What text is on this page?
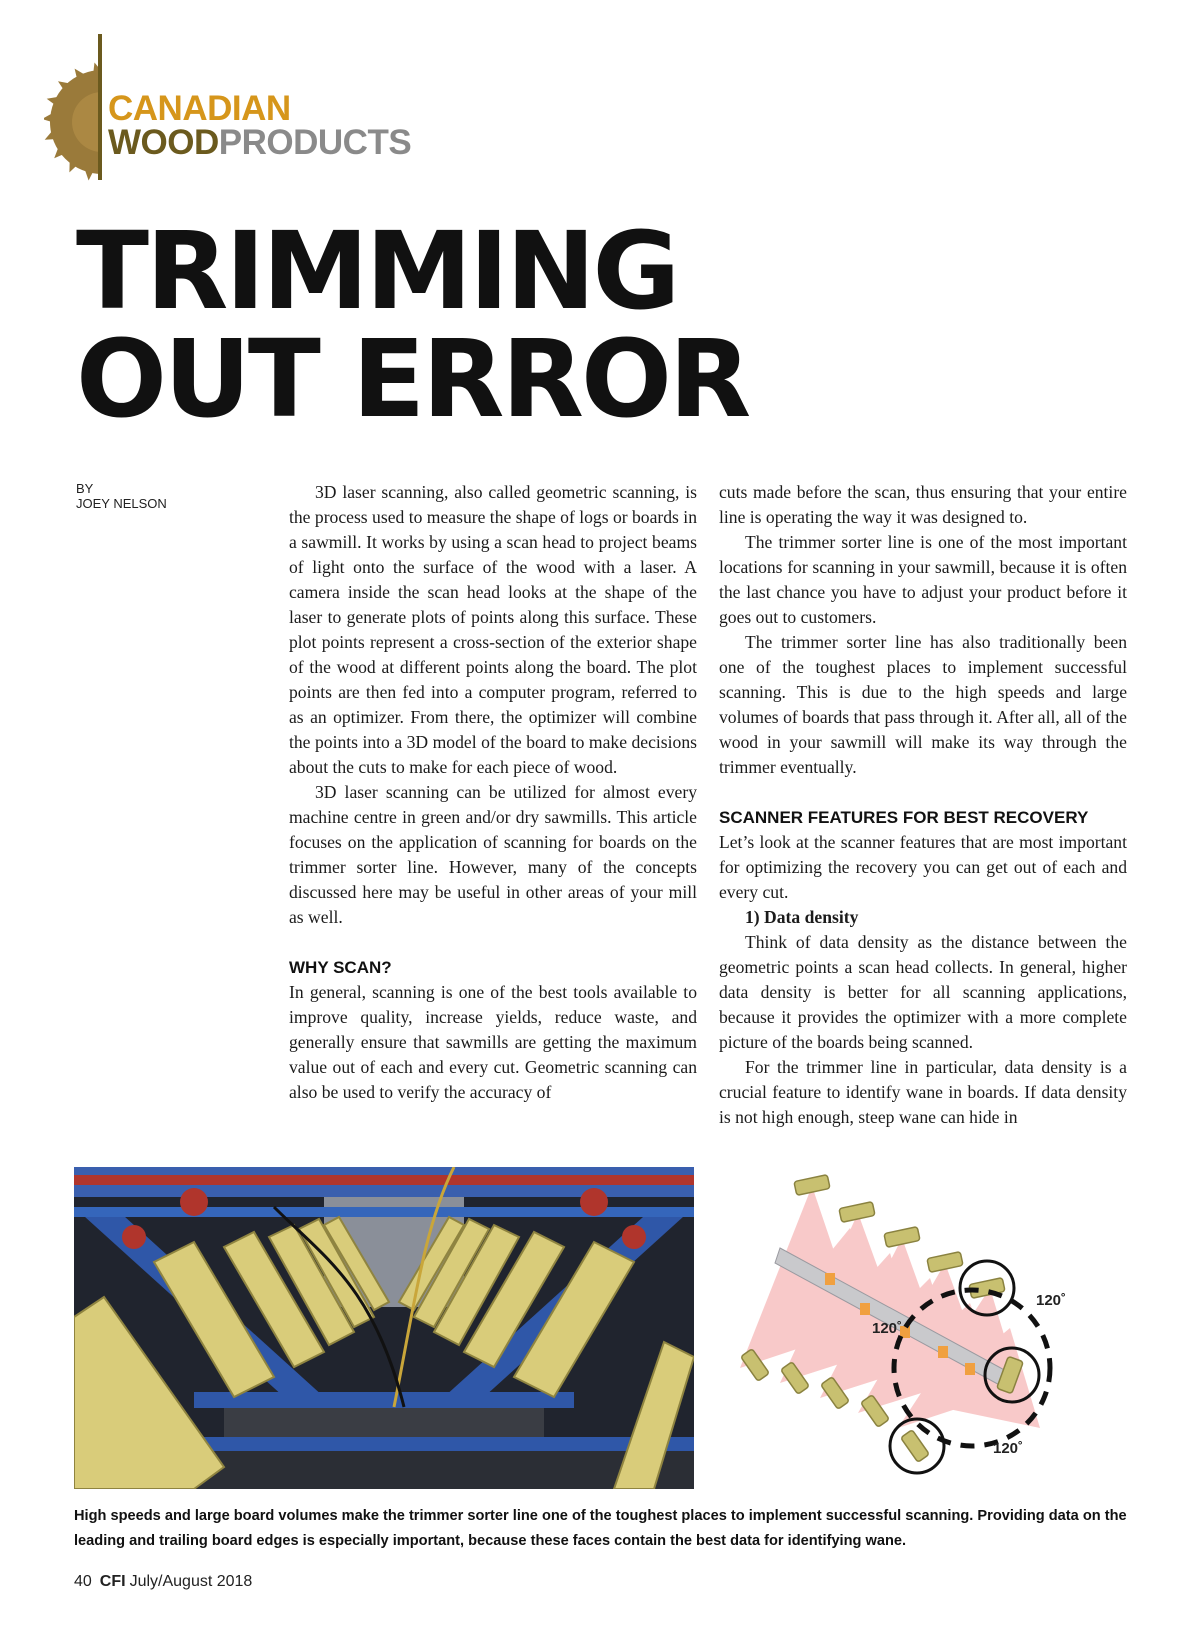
CANADIAN
WOODPRODUCTS
TRIMMING
OUT ERROR
BY
JOEY NELSON

3D laser scanning, also called geometric scanning, is the process used to measure the shape of logs or boards in a sawmill. It works by using a scan head to project beams of light onto the surface of the wood with a laser. A camera inside the scan head looks at the shape of the laser to generate plots of points along this surface. These plot points represent a cross-section of the exterior shape of the wood at different points along the board. The plot points are then fed into a computer program, referred to as an optimizer. From there, the optimizer will combine the points into a 3D model of the board to make decisions about the cuts to make for each piece of wood.

3D laser scanning can be utilized for almost every machine centre in green and/or dry sawmills. This article focuses on the application of scanning for boards on the trimmer sorter line. However, many of the concepts discussed here may be useful in other areas of your mill as well.

WHY SCAN?

In general, scanning is one of the best tools available to improve quality, increase yields, reduce waste, and generally ensure that sawmills are getting the maximum value out of each and every cut. Geometric scanning can also be used to verify the accuracy of

cuts made before the scan, thus ensuring that your entire line is operating the way it was designed to.

The trimmer sorter line is one of the most important locations for scanning in your sawmill, because it is often the last chance you have to adjust your product before it goes out to customers.

The trimmer sorter line has also traditionally been one of the toughest places to implement successful scanning. This is due to the high speeds and large volumes of boards that pass through it. After all, all of the wood in your sawmill will make its way through the trimmer eventually.

SCANNER FEATURES FOR BEST RECOVERY

Let’s look at the scanner features that are most important for optimizing the recovery you can get out of each and every cut.

1) Data density

Think of data density as the distance between the geometric points a scan head collects. In general, higher data density is better for all scanning applications, because it provides the optimizer with a more complete picture of the boards being scanned.

For the trimmer line in particular, data density is a crucial feature to identify wane in boards. If data density is not high enough, steep wane can hide in

120˚
120˚
120˚
High speeds and large board volumes make the trimmer sorter line one of the toughest places to implement successful scanning. Providing data on the leading and trailing board edges is especially important, because these faces contain the best data for identifying wane.
40 CFI July/August 2018
